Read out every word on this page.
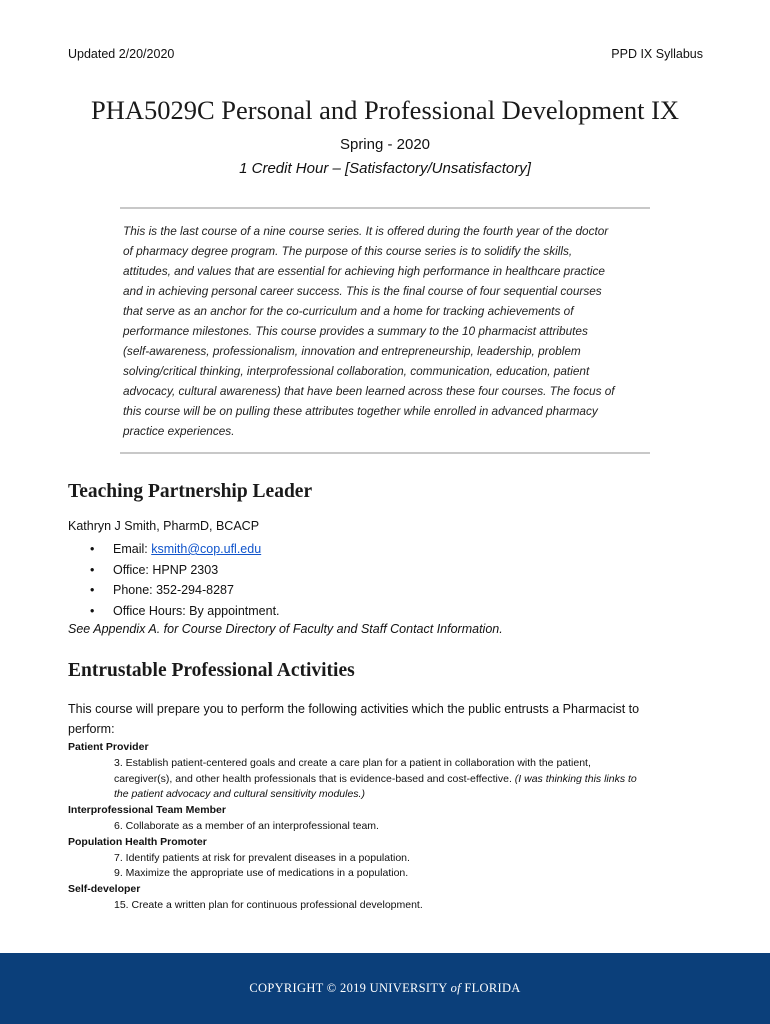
Updated 2/20/2020	PPD IX Syllabus
PHA5029C Personal and Professional Development IX
Spring - 2020
1 Credit Hour – [Satisfactory/Unsatisfactory]
This is the last course of a nine course series. It is offered during the fourth year of the doctor
of pharmacy degree program. The purpose of this course series is to solidify the skills,
attitudes, and values that are essential for achieving high performance in healthcare practice
and in achieving personal career success. This is the final course of four sequential courses
that serve as an anchor for the co-curriculum and a home for tracking achievements of
performance milestones. This course provides a summary to the 10 pharmacist attributes
(self-awareness, professionalism, innovation and entrepreneurship, leadership, problem
solving/critical thinking, interprofessional collaboration, communication, education, patient
advocacy, cultural awareness) that have been learned across these four courses. The focus of
this course will be on pulling these attributes together while enrolled in advanced pharmacy
practice experiences.
Teaching Partnership Leader
Kathryn J Smith, PharmD, BCACP
• Email: ksmith@cop.ufl.edu
• Office: HPNP 2303
• Phone: 352-294-8287
• Office Hours: By appointment.
See Appendix A. for Course Directory of Faculty and Staff Contact Information.
Entrustable Professional Activities
This course will prepare you to perform the following activities which the public entrusts a Pharmacist to perform:
Patient Provider
3. Establish patient-centered goals and create a care plan for a patient in collaboration with the patient,
caregiver(s), and other health professionals that is evidence-based and cost-effective. (I was thinking this links to
the patient advocacy and cultural sensitivity modules.)
Interprofessional Team Member
6. Collaborate as a member of an interprofessional team.
Population Health Promoter
7. Identify patients at risk for prevalent diseases in a population.
9. Maximize the appropriate use of medications in a population.
Self-developer
15. Create a written plan for continuous professional development.
COPYRIGHT © 2019 UNIVERSITY of FLORIDA
